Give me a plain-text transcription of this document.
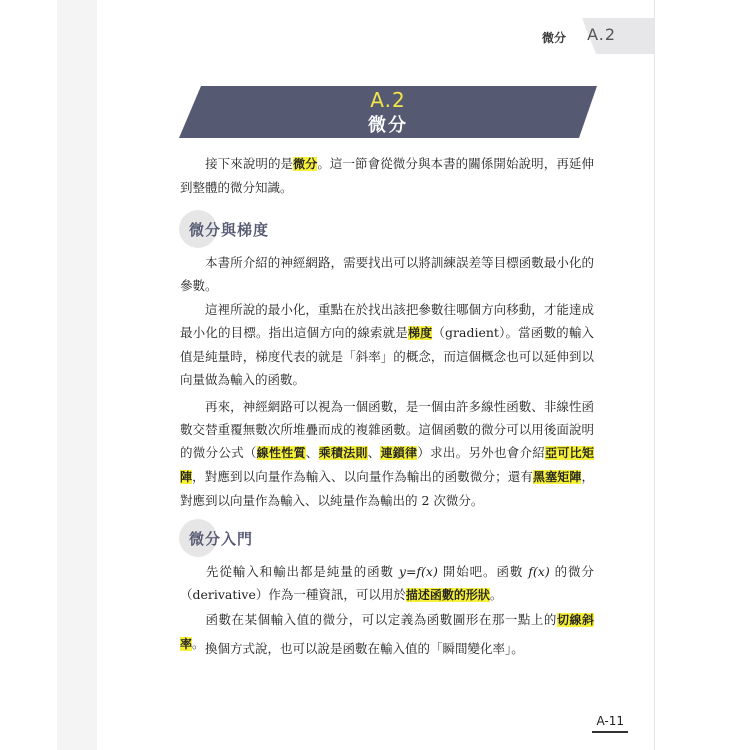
微分 A.2
A.2
微分

接下來說明的是微分。這一節會從微分與本書的關係開始說明，再延伸到整體的微分知識。

微分與梯度

本書所介紹的神經網路，需要找出可以將訓練誤差等目標函數最小化的參數。

這裡所說的最小化，重點在於找出該把參數往哪個方向移動，才能達成最小化的目標。指出這個方向的線索就是梯度（gradient）。當函數的輸入值是純量時，梯度代表的就是「斜率」的概念，而這個概念也可以延伸到以向量做為輸入的函數。

再來，神經網路可以視為一個函數，是一個由許多線性函數、非線性函數交替重覆無數次所堆疊而成的複雜函數。這個函數的微分可以用後面說明的微分公式（線性性質、乘積法則、連鎖律）求出。另外也會介紹亞可比矩陣，對應到以向量作為輸入、以向量作為輸出的函數微分；還有黑塞矩陣，對應到以向量作為輸入、以純量作為輸出的 2 次微分。

微分入門

先從輸入和輸出都是純量的函數 y=f(x) 開始吧。函數 f(x) 的微分（derivative）作為一種資訊，可以用於描述函數的形狀。

函數在某個輸入值的微分，可以定義為函數圖形在那一點上的切線斜率。 換個方式說，也可以說是函數在輸入值的「瞬間變化率」。

A-11
